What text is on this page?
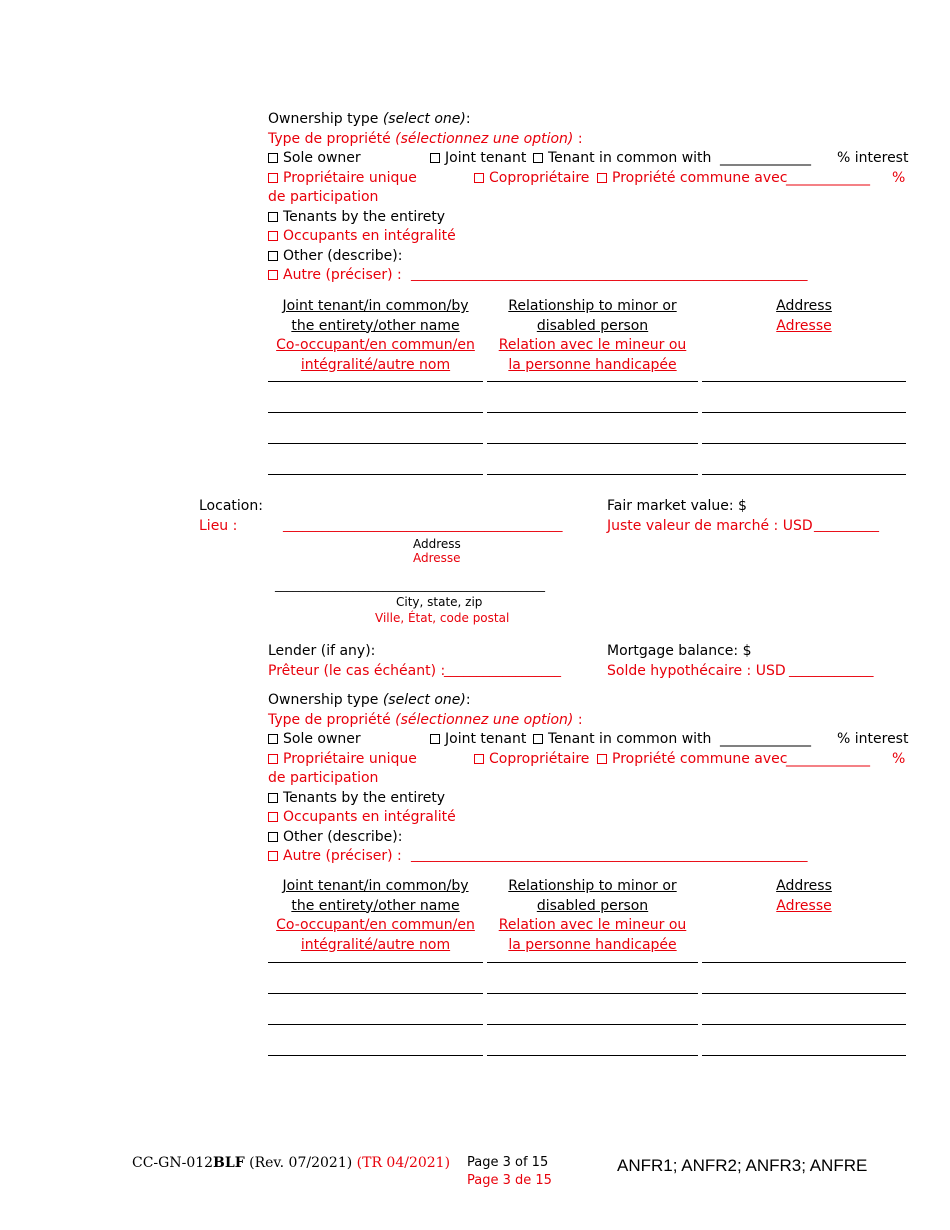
Ownership type (select one):
Type de propriété (sélectionnez une option) :
Sole owner	Joint tenant	Tenant in common with _____________ % interest
Propriétaire unique	Copropriétaire	Propriété commune avec
____________ %
de participation
Tenants by the entirety
Occupants en intégralité
Other (describe):
Autre (préciser) : _____________________________________________________________
Joint tenant/in common/by
the entirety/other name
Co-occupant/en commun/en
intégralité/autre nom
Relationship to minor or
disabled person
Relation avec le mineur ou
la personne handicapée
Address
Adresse
Location:
Lieu :	___________________________________________
Fair market value: $
Juste valeur de marché : USD __________
Address
Adresse
_____________________________________________
City, state, zip
Ville, État, code postal
Lender (if any):
Prêteur (le cas échéant) :
__________________
Mortgage balance: $
Solde hypothécaire : USD _____________
Ownership type (select one):
Type de propriété (sélectionnez une option) :
Sole owner	Joint tenant	Tenant in common with _____________ % interest
Propriétaire unique	Copropriétaire	Propriété commune avec
____________ %
de participation
Tenants by the entirety
Occupants en intégralité
Other (describe):
Autre (préciser) : _____________________________________________________________
Joint tenant/in common/by
the entirety/other name
Co-occupant/en commun/en
intégralité/autre nom
Relationship to minor or
disabled person
Relation avec le mineur ou
la personne handicapée
Address
Adresse
CC-GN-012BLF (Rev. 07/2021) (TR 04/2021) Page 3 of 15
Page 3 de 15
ANFR1; ANFR2; ANFR3; ANFRE
